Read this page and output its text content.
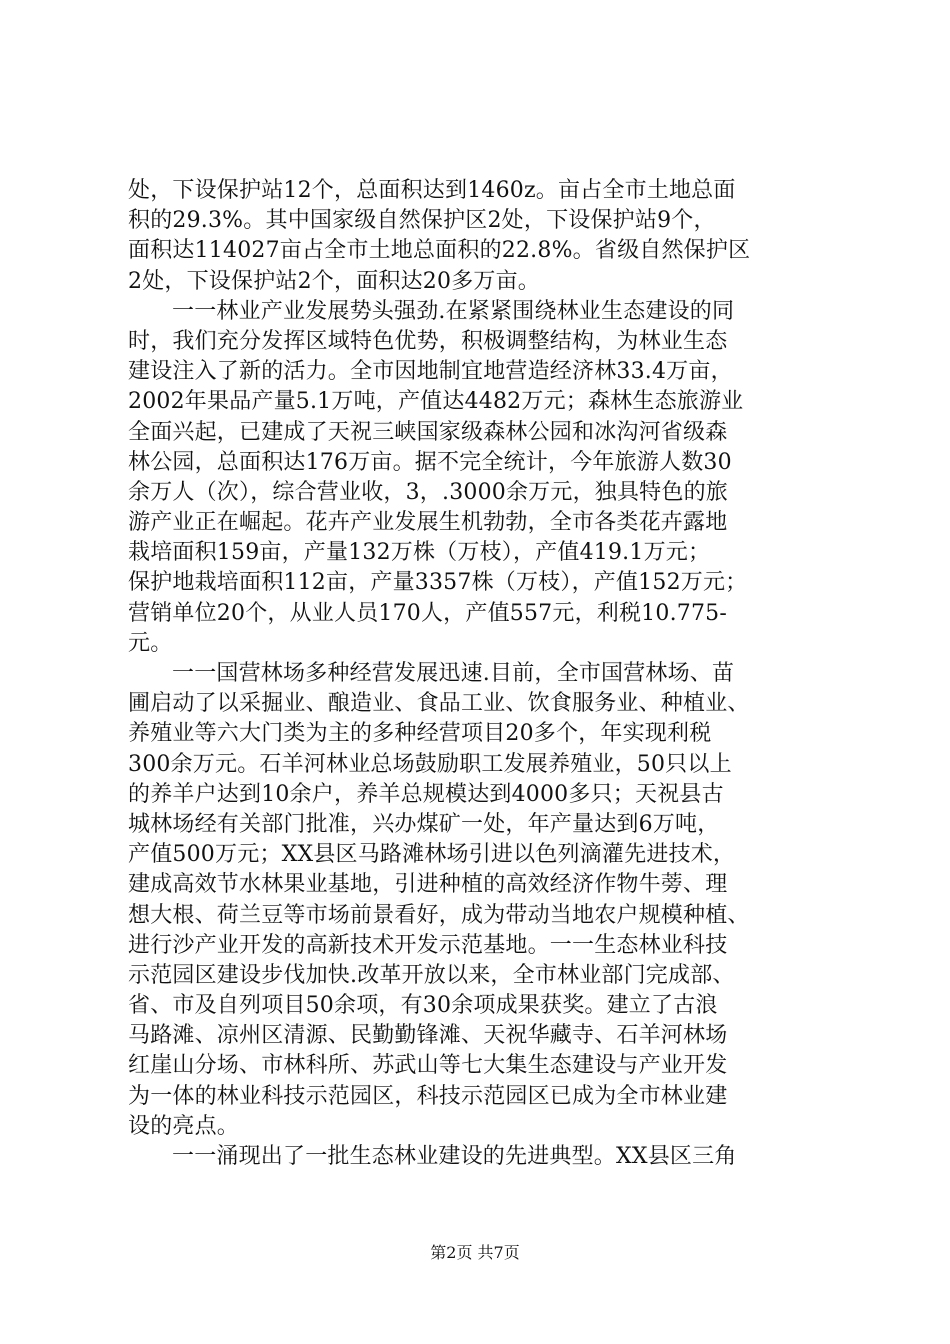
处，下设保护站12个，总面积达到1460z。亩占全市土地总面
积的29.3%。其中国家级自然保护区2处，下设保护站9个，
面积达114027亩占全市土地总面积的22.8%。省级自然保护区
2处，下设保护站2个，面积达20多万亩。
一一林业产业发展势头强劲.在紧紧围绕林业生态建设的同
时，我们充分发挥区域特色优势，积极调整结构，为林业生态
建设注入了新的活力。全市因地制宜地营造经济林33.4万亩，
2002年果品产量5.1万吨，产值达4482万元；森林生态旅游业
全面兴起，已建成了天祝三峡国家级森林公园和冰沟河省级森
林公园，总面积达176万亩。据不完全统计，今年旅游人数30
余万人（次），综合营业收，3，.3000余万元，独具特色的旅
游产业正在崛起。花卉产业发展生机勃勃，全市各类花卉露地
栽培面积159亩，产量132万株（万枝），产值419.1万元；
保护地栽培面积112亩，产量3357株（万枝），产值152万元；
营销单位20个，从业人员170人，产值557元，利税10.775-
元。
一一国营林场多种经营发展迅速.目前，全市国营林场、苗
圃启动了以采掘业、酿造业、食品工业、饮食服务业、种植业、
养殖业等六大门类为主的多种经营项目20多个，年实现利税
300余万元。石羊河林业总场鼓励职工发展养殖业，50只以上
的养羊户达到10余户，养羊总规模达到4000多只；天祝县古
城林场经有关部门批准，兴办煤矿一处，年产量达到6万吨，
产值500万元；XX县区马路滩林场引进以色列滴灌先进技术，
建成高效节水林果业基地，引进种植的高效经济作物牛蒡、理
想大根、荷兰豆等市场前景看好，成为带动当地农户规模种植、
进行沙产业开发的高新技术开发示范基地。一一生态林业科技
示范园区建设步伐加快.改革开放以来，全市林业部门完成部、
省、市及自列项目50余项，有30余项成果获奖。建立了古浪
马路滩、凉州区清源、民勤勤锋滩、天祝华藏寺、石羊河林场
红崖山分场、市林科所、苏武山等七大集生态建设与产业开发
为一体的林业科技示范园区，科技示范园区已成为全市林业建
设的亮点。
一一涌现出了一批生态林业建设的先进典型。XX县区三角
第2页 共7页
